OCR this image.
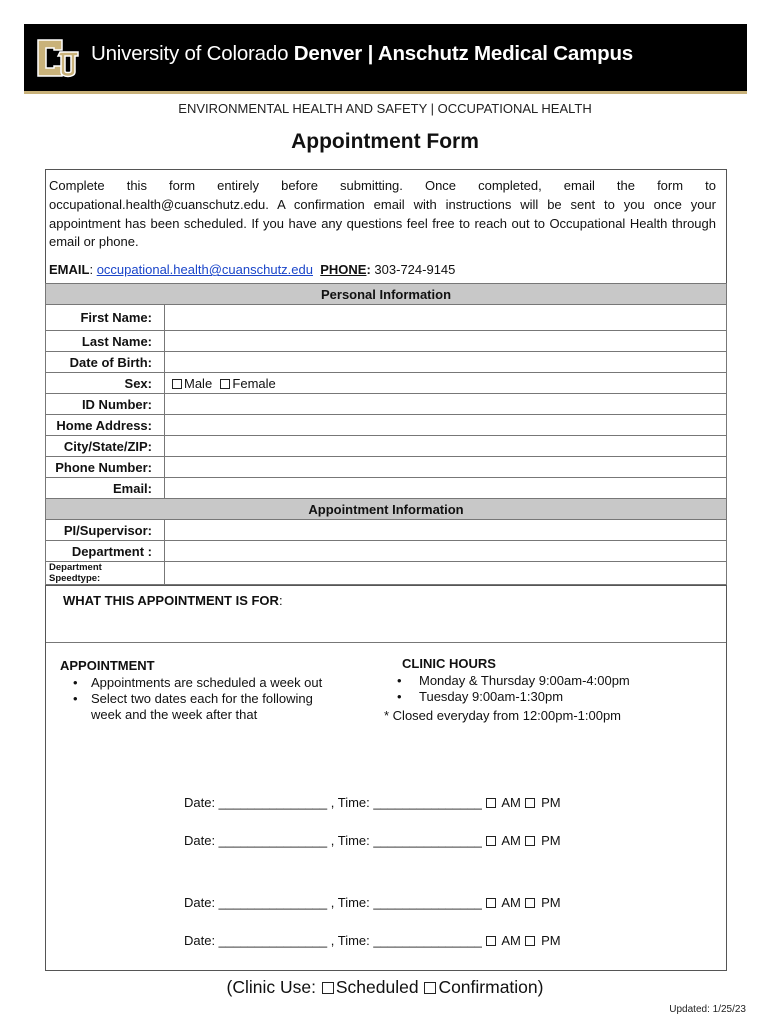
University of Colorado Denver | Anschutz Medical Campus
ENVIRONMENTAL HEALTH AND SAFETY | OCCUPATIONAL HEALTH
Appointment Form
Complete this form entirely before submitting. Once completed, email the form to occupational.health@cuanschutz.edu. A confirmation email with instructions will be sent to you once your appointment has been scheduled. If you have any questions feel free to reach out to Occupational Health through email or phone.
EMAIL: occupational.health@cuanschutz.edu PHONE: 303-724-9145
Personal Information	
First Name:	
Last Name:	
Date of Birth:	
Sex:	Male Female
ID Number:	
Home Address:	
City/State/ZIP:	
Phone Number:	
Email:	
Appointment Information	
PI/Supervisor:	
Department :	
Department Speedtype:	
WHAT THIS APPOINTMENT IS FOR:
APPOINTMENT
• Appointments are scheduled a week out
• Select two dates each for the following week and the week after that
CLINIC HOURS
• Monday & Thursday 9:00am-4:00pm
• Tuesday 9:00am-1:30pm
* Closed everyday from 12:00pm-1:00pm
Date: _______________ , Time: _______________ AM PM
Date: _______________ , Time: _______________ AM PM
Date: _______________ , Time: _______________ AM PM
Date: _______________ , Time: _______________ AM PM
(Clinic Use: Scheduled Confirmation)
Updated: 1/25/23
